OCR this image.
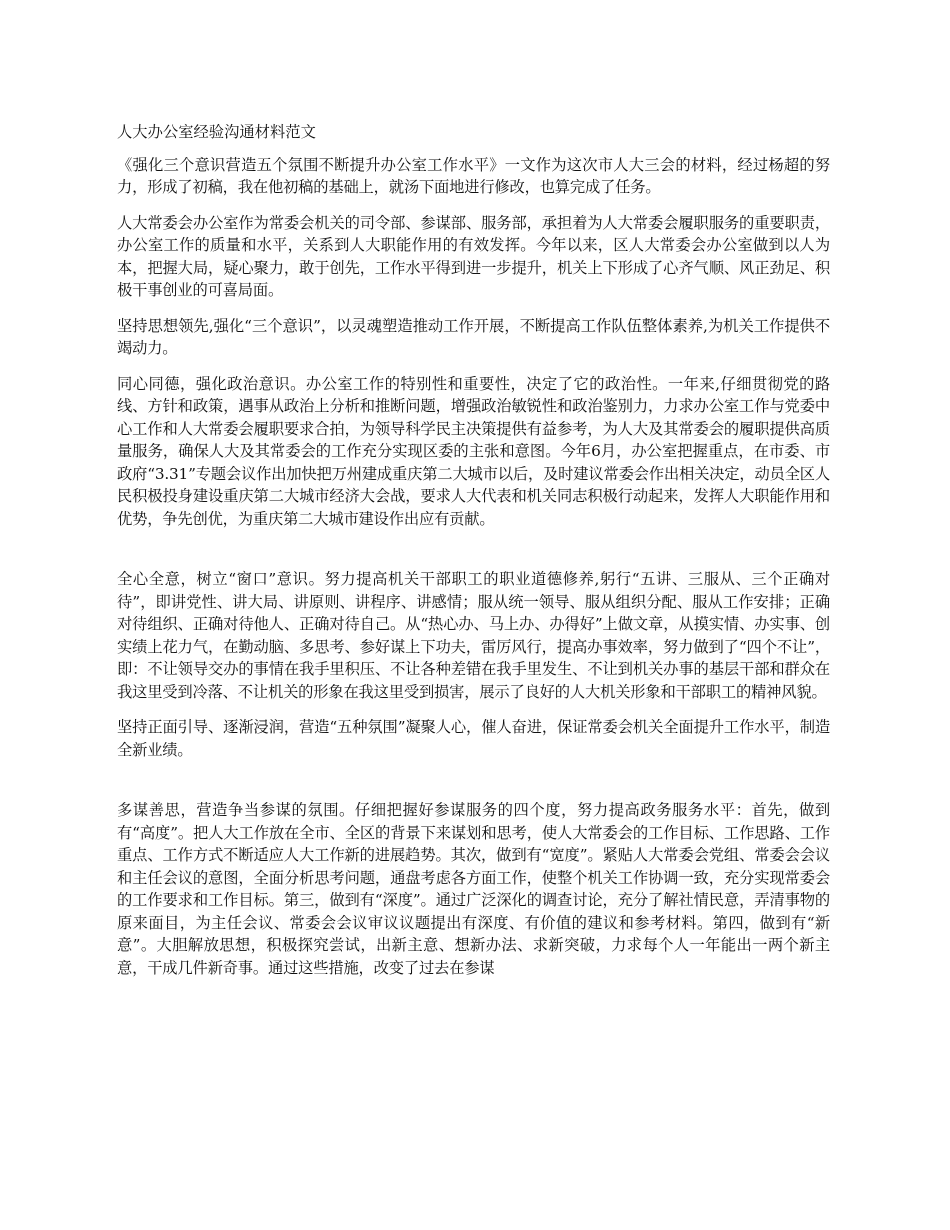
人大办公室经验沟通材料范文

《强化三个意识营造五个氛围不断提升办公室工作水平》一文作为这次市人大三会的材料，经过杨超的努力，形成了初稿，我在他初稿的基础上，就汤下面地进行修改，也算完成了任务。

人大常委会办公室作为常委会机关的司令部、参谋部、服务部，承担着为人大常委会履职服务的重要职责，办公室工作的质量和水平，关系到人大职能作用的有效发挥。今年以来，区人大常委会办公室做到以人为本，把握大局，疑心聚力，敢于创先，工作水平得到进一步提升，机关上下形成了心齐气顺、风正劲足、积极干事创业的可喜局面。

坚持思想领先,强化“三个意识”，以灵魂塑造推动工作开展，不断提高工作队伍整体素养,为机关工作提供不竭动力。

同心同德，强化政治意识。办公室工作的特别性和重要性，决定了它的政治性。一年来,仔细贯彻党的路线、方针和政策，遇事从政治上分析和推断问题，增强政治敏锐性和政治鉴别力，力求办公室工作与党委中心工作和人大常委会履职要求合拍，为领导科学民主决策提供有益参考，为人大及其常委会的履职提供高质量服务，确保人大及其常委会的工作充分实现区委的主张和意图。今年6月，办公室把握重点，在市委、市政府“3.31”专题会议作出加快把万州建成重庆第二大城市以后，及时建议常委会作出相关决定，动员全区人民积极投身建设重庆第二大城市经济大会战，要求人大代表和机关同志积极行动起来，发挥人大职能作用和优势，争先创优，为重庆第二大城市建设作出应有贡献。

全心全意，树立“窗口”意识。努力提高机关干部职工的职业道德修养,躬行“五讲、三服从、三个正确对待”，即讲党性、讲大局、讲原则、讲程序、讲感情；服从统一领导、服从组织分配、服从工作安排；正确对待组织、正确对待他人、正确对待自己。从“热心办、马上办、办得好”上做文章，从摸实情、办实事、创实绩上花力气，在勤动脑、多思考、参好谋上下功夫，雷厉风行，提高办事效率，努力做到了“四个不让”，即：不让领导交办的事情在我手里积压、不让各种差错在我手里发生、不让到机关办事的基层干部和群众在我这里受到冷落、不让机关的形象在我这里受到损害，展示了良好的人大机关形象和干部职工的精神风貌。

坚持正面引导、逐渐浸润，营造“五种氛围”凝聚人心，催人奋进，保证常委会机关全面提升工作水平，制造全新业绩。

多谋善思，营造争当参谋的氛围。仔细把握好参谋服务的四个度，努力提高政务服务水平：首先，做到有“高度”。把人大工作放在全市、全区的背景下来谋划和思考，使人大常委会的工作目标、工作思路、工作重点、工作方式不断适应人大工作新的进展趋势。其次，做到有“宽度”。紧贴人大常委会党组、常委会会议和主任会议的意图，全面分析思考问题，通盘考虑各方面工作，使整个机关工作协调一致，充分实现常委会的工作要求和工作目标。第三，做到有“深度”。通过广泛深化的调查讨论，充分了解社情民意，弄清事物的原来面目，为主任会议、常委会会议审议议题提出有深度、有价值的建议和参考材料。第四，做到有“新意”。大胆解放思想，积极探究尝试，出新主意、想新办法、求新突破，力求每个人一年能出一两个新主意，干成几件新奇事。通过这些措施，改变了过去在参谋
